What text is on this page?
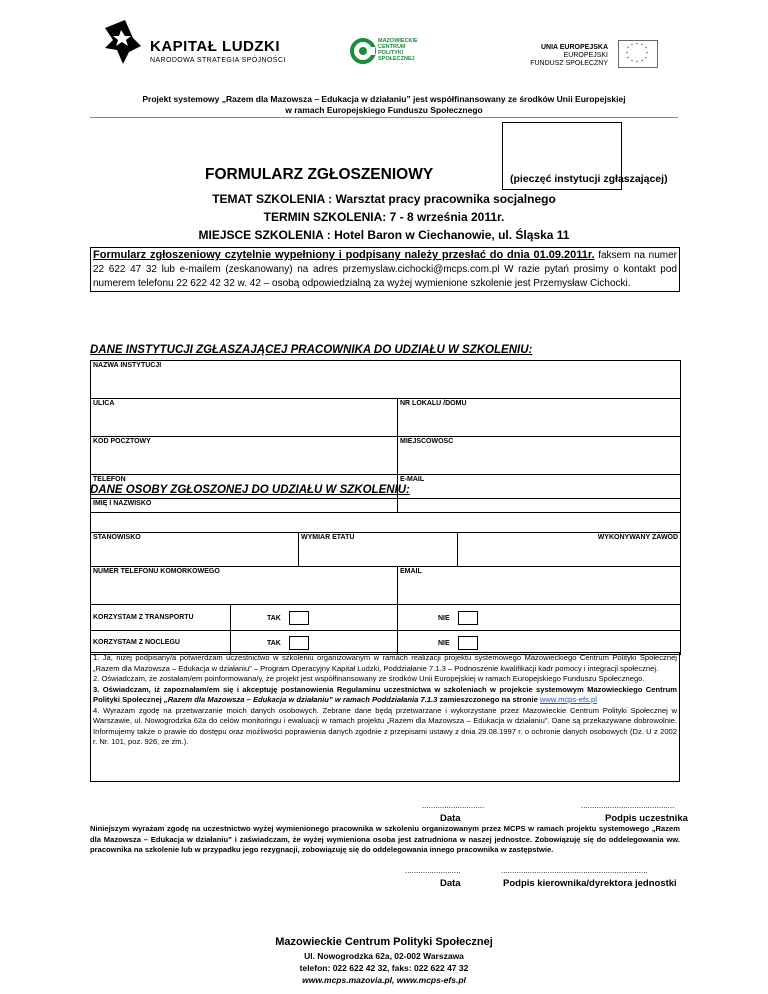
KAPITAŁ LUDZKI
NARODOWA STRATEGIA SPÓJNOŚCI
MAZOWIECKIE
CENTRUM
POLITYKI
SPOŁECZNEJ
UNIA EUROPEJSKA
EUROPEJSKI
FUNDUSZ SPOŁECZNY
* *
*
*
*
*
*
*
*
*
*
*
Projekt systemowy „Razem dla Mazowsza – Edukacja w działaniu” jest współfinansowany ze środków Unii Europejskiej
w ramach Europejskiego Funduszu Społecznego
FORMULARZ ZGŁOSZENIOWY	(pieczęć instytucji zgłaszającej)
TEMAT SZKOLENIA : Warsztat pracy pracownika socjalnego
TERMIN SZKOLENIA: 7 - 8 września 2011r.
MIEJSCE SZKOLENIA : Hotel Baron w Ciechanowie, ul. Śląska 11
Formularz zgłoszeniowy czytelnie wypełniony i podpisany należy przesłać do dnia 01.09.2011r. faksem na numer 22 622 47 32 lub e-mailem (zeskanowany) na adres przemyslaw.cichocki@mcps.com.pl W razie pytań prosimy o kontakt pod numerem telefonu 22 622 42 32 w. 42 – osobą odpowiedzialną za wyżej wymienione szkolenie jest Przemysław Cichocki.
DANE INSTYTUCJI ZGŁASZAJĄCEJ PRACOWNIKA DO UDZIAŁU W SZKOLENIU:
NAZWA INSTYTUCJI	
ULICA	NR LOKALU /DOMU
KOD POCZTOWY	MIEJSCOWOŚĆ
TELEFON	E-MAIL
DANE OSOBY ZGŁOSZONEJ DO UDZIAŁU W SZKOLENIU:
IMIĘ I NAZWISKO				
STANOWISKO		WYMIAR ETATU		WYKONYWANY ZAWÓD
NUMER TELEFONU KOMÓRKOWEGO			EMAIL	
KORZYSTAM Z TRANSPORTU	TAK		NIE	
KORZYSTAM Z NOCLEGU	TAK		NIE	

1. Ja, niżej podpisany/a potwierdzam uczestnictwo w szkoleniu organizowanym w ramach realizacji projektu systemowego Mazowieckiego Centrum Polityki Społecznej „Razem dla Mazowsza – Edukacja w działaniu” – Program Operacyjny Kapitał Ludzki, Poddziałanie 7.1.3 – Podnoszenie kwalifikacji kadr pomocy i integracji społecznej.

2. Oświadczam, że zostałam/em poinformowana/y, że projekt jest współfinansowany ze środków Unii Europejskiej w ramach Europejskiego Funduszu Społecznego.

3. Oświadczam, iż zapoznałam/em się i akceptuję postanowienia Regulaminu uczestnictwa w szkoleniach w projekcie systemowym Mazowieckiego Centrum Polityki Społecznej „Razem dla Mazowsza – Edukacja w działaniu” w ramach Poddziałania 7.1.3 zamieszczonego na stronie www.mcps-efs.pl

4. Wyrażam zgodę na przetwarzanie moich danych osobowych. Zebrane dane będą przetwarzane i wykorzystane przez Mazowieckie Centrum Polityki Społecznej w Warszawie, ul. Nowogrodzka 62a do celów monitoringu i ewaluacji w ramach projektu „Razem dla Mazowsza – Edukacja w działaniu”. Dane są przekazywane dobrowolnie. Informujemy także o prawie do dostępu oraz możliwości poprawienia danych zgodnie z przepisami ustawy z dnia 29.08.1997 r. o ochronie danych osobowych (Dz. U z 2002 r. Nr. 101, poz. 926, ze zm.).

............................	..........................................
Data	Podpis uczestnika
Niniejszym wyrażam zgodę na uczestnictwo wyżej wymienionego pracownika w szkoleniu organizowanym przez MCPS w ramach projektu systemowego „Razem dla Mazowsza – Edukacja w działaniu” i zaświadczam, że wyżej wymieniona osoba jest zatrudniona w naszej jednostce. Zobowiązuję się do oddelegowania ww. pracownika na szkolenie lub w przypadku jego rezygnacji, zobowiązuję się do oddelegowania innego pracownika w zastępstwie.
.........................	..................................................................
Data	Podpis kierownika/dyrektora jednostki
Mazowieckie Centrum Polityki Społecznej
Ul. Nowogrodzka 62a, 02-002 Warszawa
telefon: 022 622 42 32, faks: 022 622 47 32
www.mcps.mazovia.pl, www.mcps-efs.pl
